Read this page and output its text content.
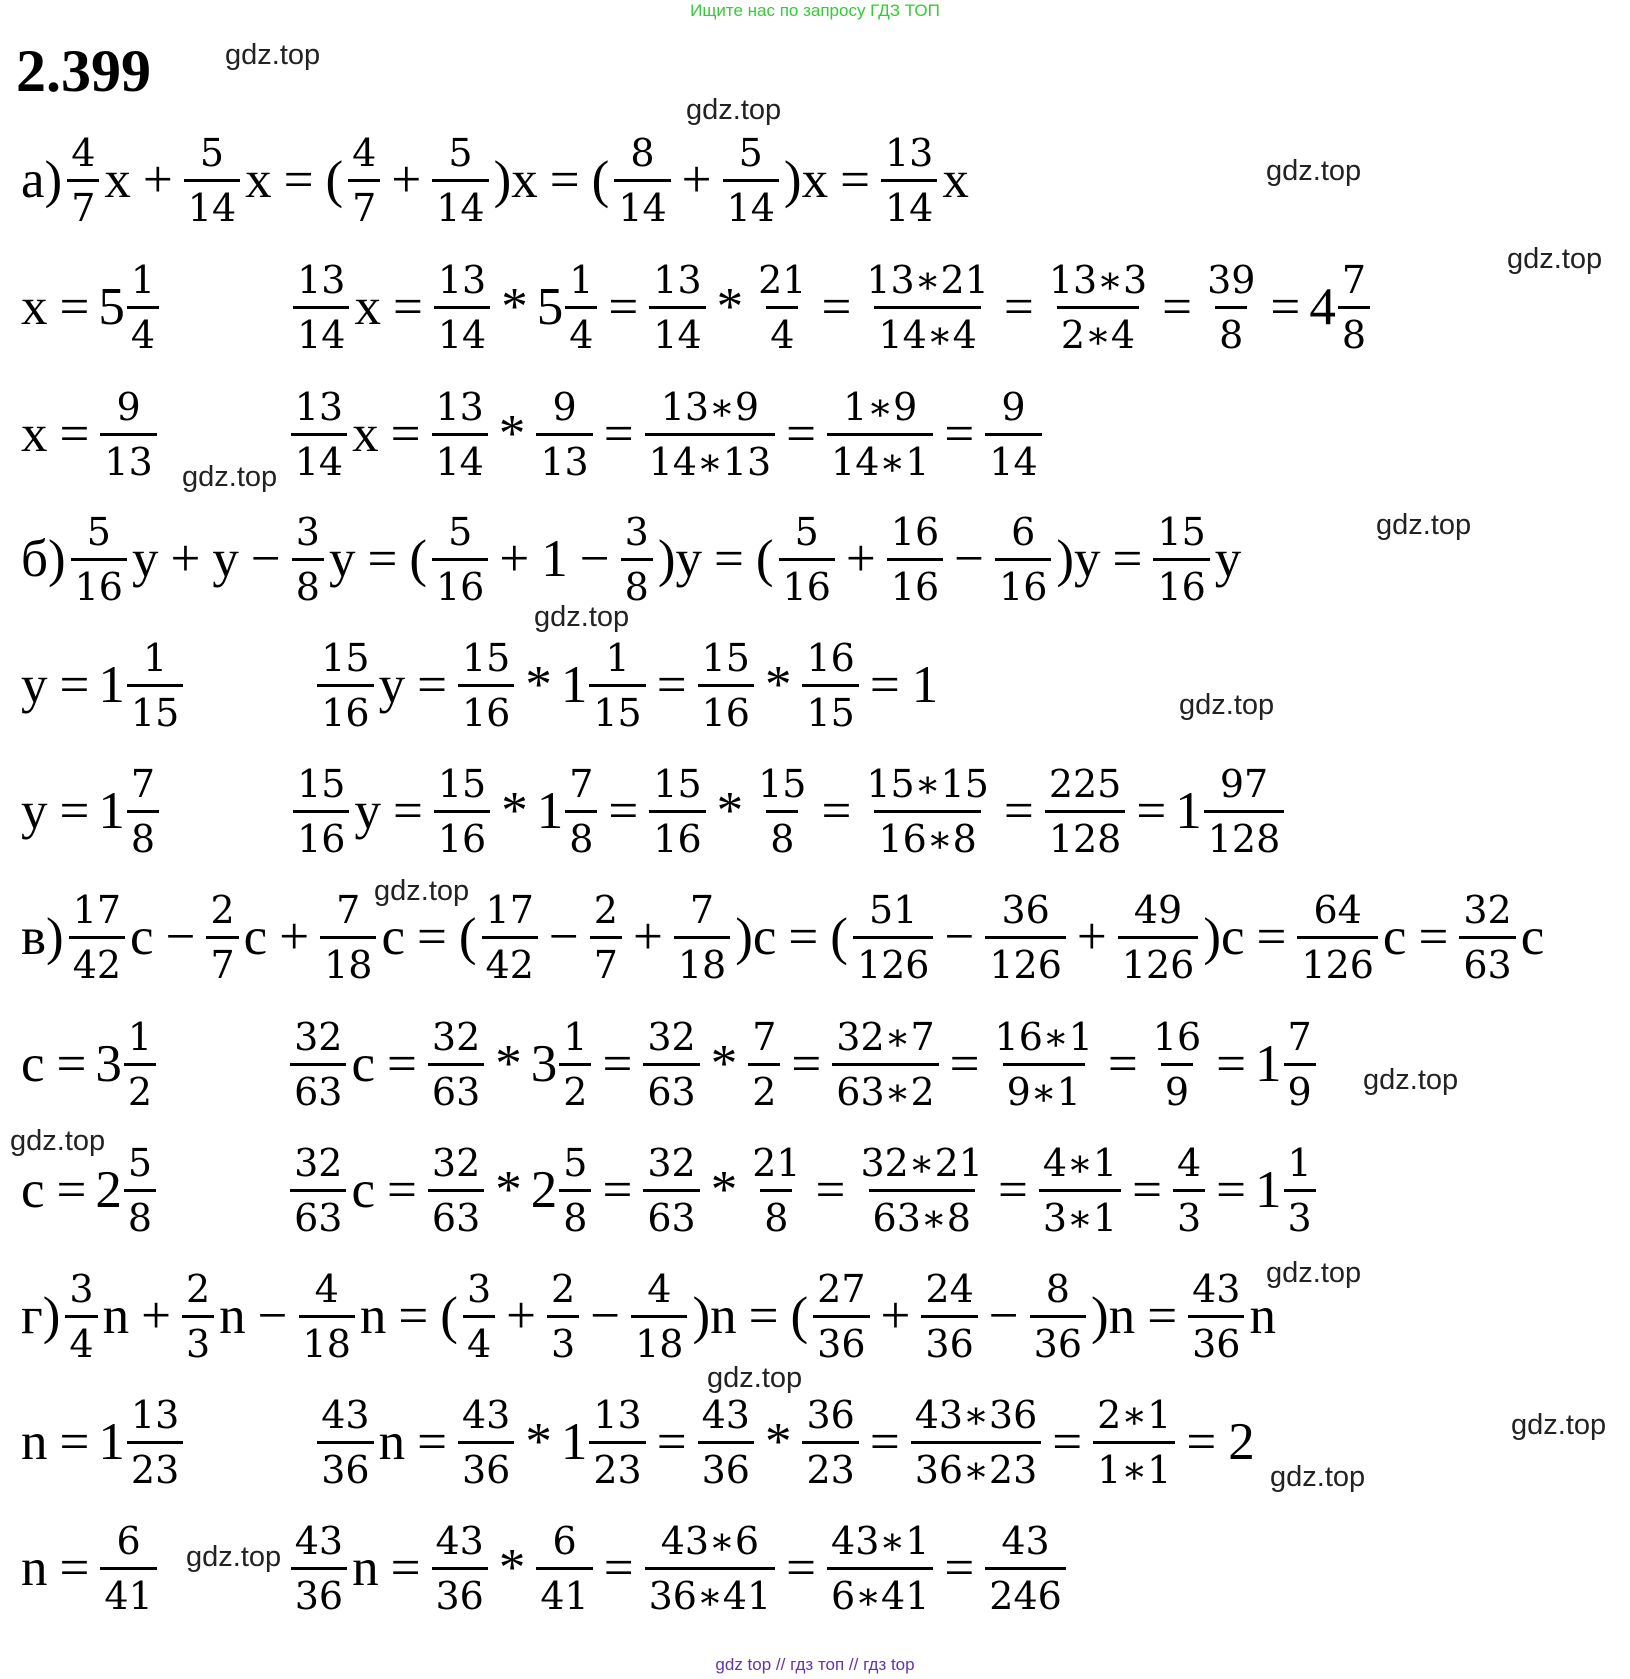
Ищите нас по запросу ГДЗ ТОП
2.399	gdz.top
gdz.top
gdz.top
gdz.top
gdz.top
gdz.top
gdz.top
gdz.top
gdz.top
gdz.top
gdz.top
gdz.top
gdz.top
gdz.top
gdz.top
gdz.top
$а) \frac{4}{7}$ $x + \frac{5}{14}$ x = ( $\frac{4}{7} + \frac{5}{14} )x$ = ( $\frac{8}{14} + \frac{5}{14} )x = \frac{13}{14}$ x
$x = 5 \frac{1}{4}$	$\frac{13}{14}$ $x = \frac{13}{14} * 5 \frac{1}{4} = \frac{13}{14} * \frac{21}{4} = \frac{13∗21}{14∗4} = \frac{13∗3}{2∗4} = \frac{39}{8} = 4 \frac{7}{8}$
$x = \frac{9}{13}$	$\frac{13}{14}$ $x = \frac{13}{14} * \frac{9}{13} = \frac{13∗9}{14∗13} = \frac{1∗9}{14∗1} = \frac{9}{14}$
$б) \frac{5}{16}$ $y + y - \frac{3}{8}$ y = ( $\frac{5}{16} + 1 - \frac{3}{8} )y$ = ( $\frac{5}{16} + \frac{16}{16} - \frac{6}{16} )y = \frac{15}{16}$ y
$y = 1 \frac{1}{15}$	$\frac{15}{16}$ $y = \frac{15}{16} * 1 \frac{1}{15} = \frac{15}{16} * \frac{16}{15} = 1$
$y = 1 \frac{7}{8}$	$\frac{15}{16}$ $y = \frac{15}{16} * 1 \frac{7}{8} = \frac{15}{16} * \frac{15}{8} = \frac{15∗15}{16∗8} = \frac{225}{128} = 1 \frac{97}{128}$
$в) \frac{17}{42}$ $c - \frac{2}{7}$ $c + \frac{7}{18}$ c = ( $\frac{17}{42} - \frac{2}{7} + \frac{7}{18} )c$ = ( $\frac{51}{126} - \frac{36}{126} + \frac{49}{126} )c = \frac{64}{126}$ $c = \frac{32}{63}$ c
$c = 3 \frac{1}{2}$	$\frac{32}{63}$ $c = \frac{32}{63} * 3 \frac{1}{2} = \frac{32}{63} * \frac{7}{2} = \frac{32∗7}{63∗2} = \frac{16∗1}{9∗1} = \frac{16}{9} = 1 \frac{7}{9}$
$c = 2 \frac{5}{8}$	$\frac{32}{63}$ $c = \frac{32}{63} * 2 \frac{5}{8} = \frac{32}{63} * \frac{21}{8} = \frac{32∗21}{63∗8} = \frac{4∗1}{3∗1} = \frac{4}{3} = 1 \frac{1}{3}$
$г) \frac{3}{4}$ $n + \frac{2}{3}$ $n - \frac{4}{18}$ n = ( $\frac{3}{4} + \frac{2}{3} - \frac{4}{18} )n$ = ( $\frac{27}{36} + \frac{24}{36} - \frac{8}{36} )n = \frac{43}{36}$ n
$n = 1 \frac{13}{23}$	$\frac{43}{36}$ $n = \frac{43}{36} * 1 \frac{13}{23} = \frac{43}{36} * \frac{36}{23} = \frac{43∗36}{36∗23} = \frac{2∗1}{1∗1} = 2$
$n = \frac{6}{41}$	$\frac{43}{36}$ $n = \frac{43}{36} * \frac{6}{41} = \frac{43∗6}{36∗41} = \frac{43∗1}{6∗41} = \frac{43}{246}$
gdz top // гдз топ // гдз top
